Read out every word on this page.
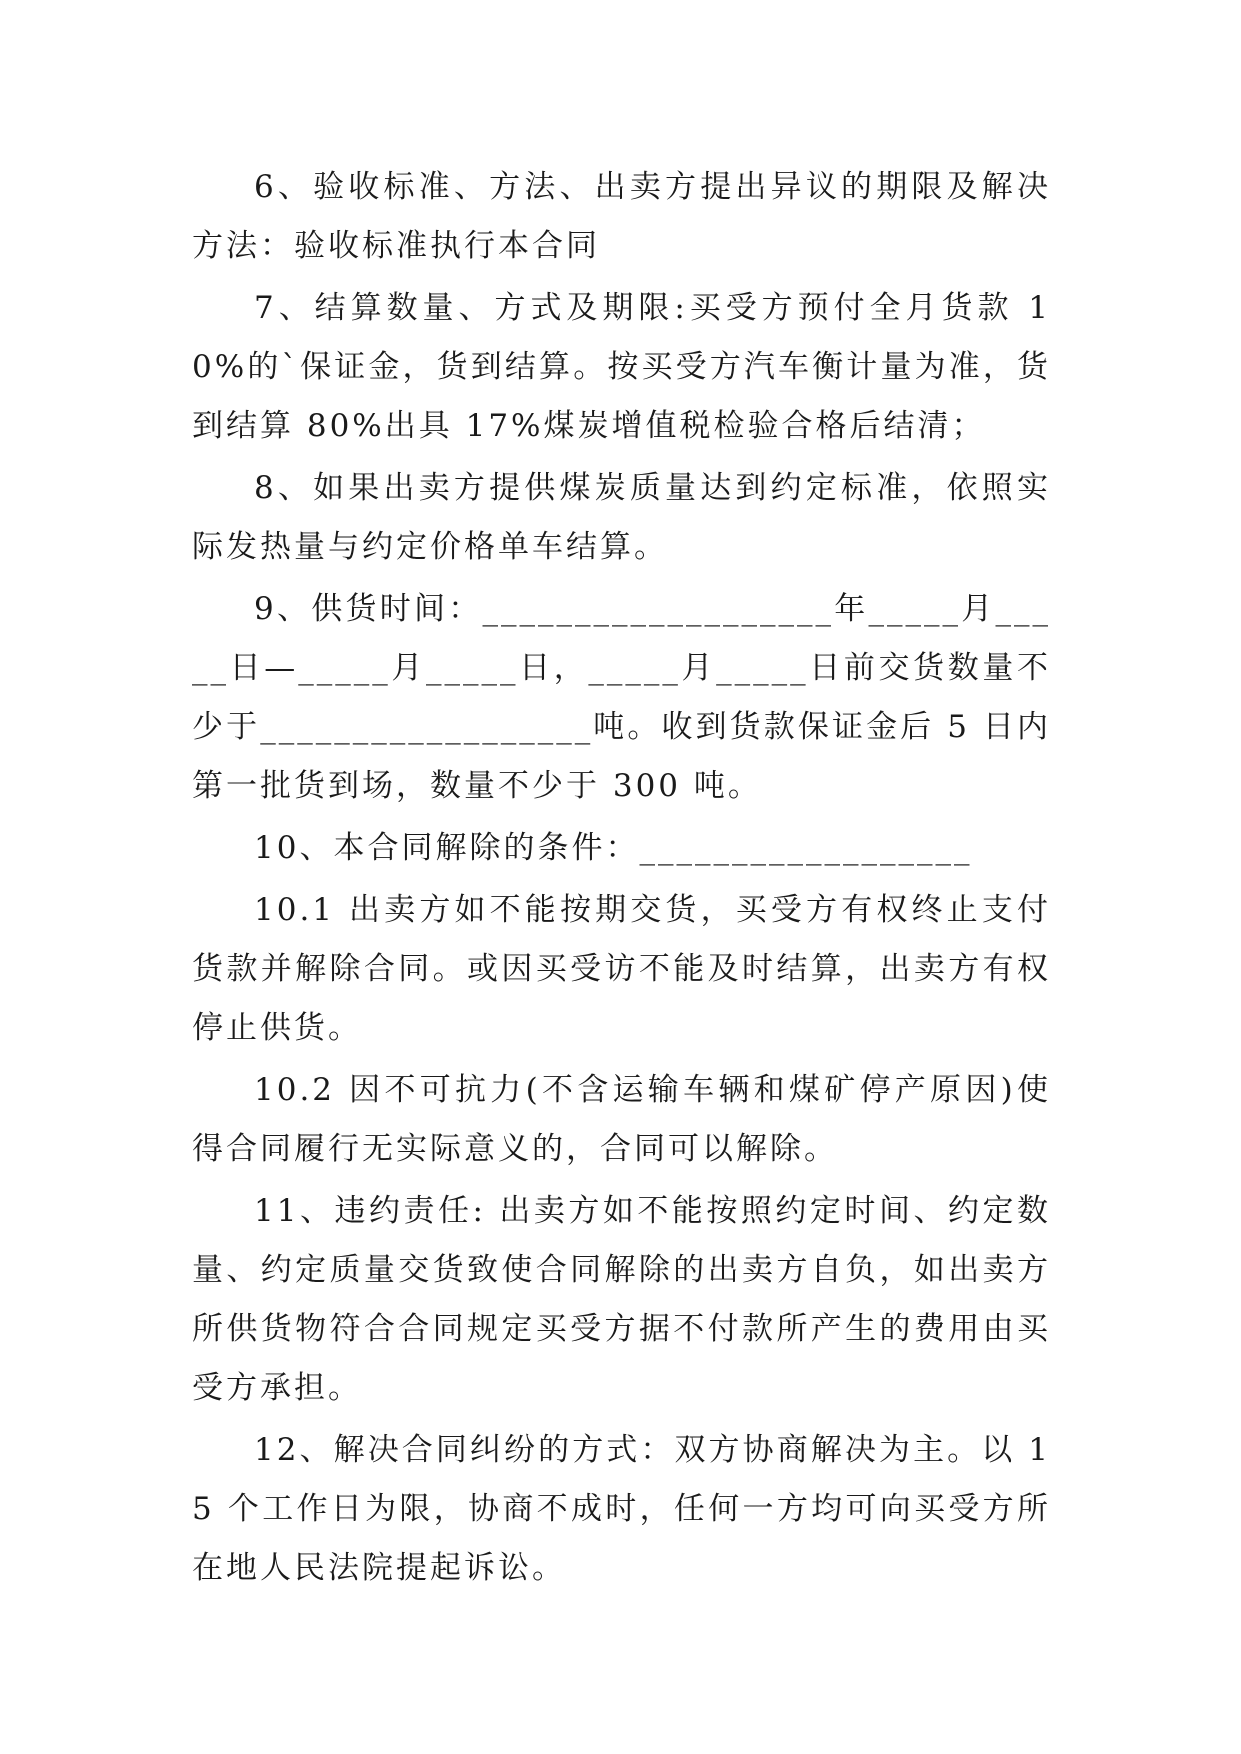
6、验收标准、方法、出卖方提出异议的期限及解决方法：验收标准执行本合同

7、结算数量、方式及期限:买受方预付全月货款 10%的`保证金，货到结算。按买受方汽车衡计量为准，货到结算 80%出具 17%煤炭增值税检验合格后结清；

8、如果出卖方提供煤炭质量达到约定标准，依照实际发热量与约定价格单车结算。

9、供货时间：___________________年_____月_____日—_____月_____日，_____月_____日前交货数量不少于__________________吨。收到货款保证金后 5 日内第一批货到场，数量不少于 300 吨。

10、本合同解除的条件：__________________

10.1 出卖方如不能按期交货，买受方有权终止支付货款并解除合同。或因买受访不能及时结算，出卖方有权停止供货。

10.2 因不可抗力(不含运输车辆和煤矿停产原因)使得合同履行无实际意义的，合同可以解除。

11、违约责任: 出卖方如不能按照约定时间、约定数量、约定质量交货致使合同解除的出卖方自负，如出卖方所供货物符合合同规定买受方据不付款所产生的费用由买受方承担。

12、解决合同纠纷的方式：双方协商解决为主。以 15 个工作日为限，协商不成时，任何一方均可向买受方所在地人民法院提起诉讼。
